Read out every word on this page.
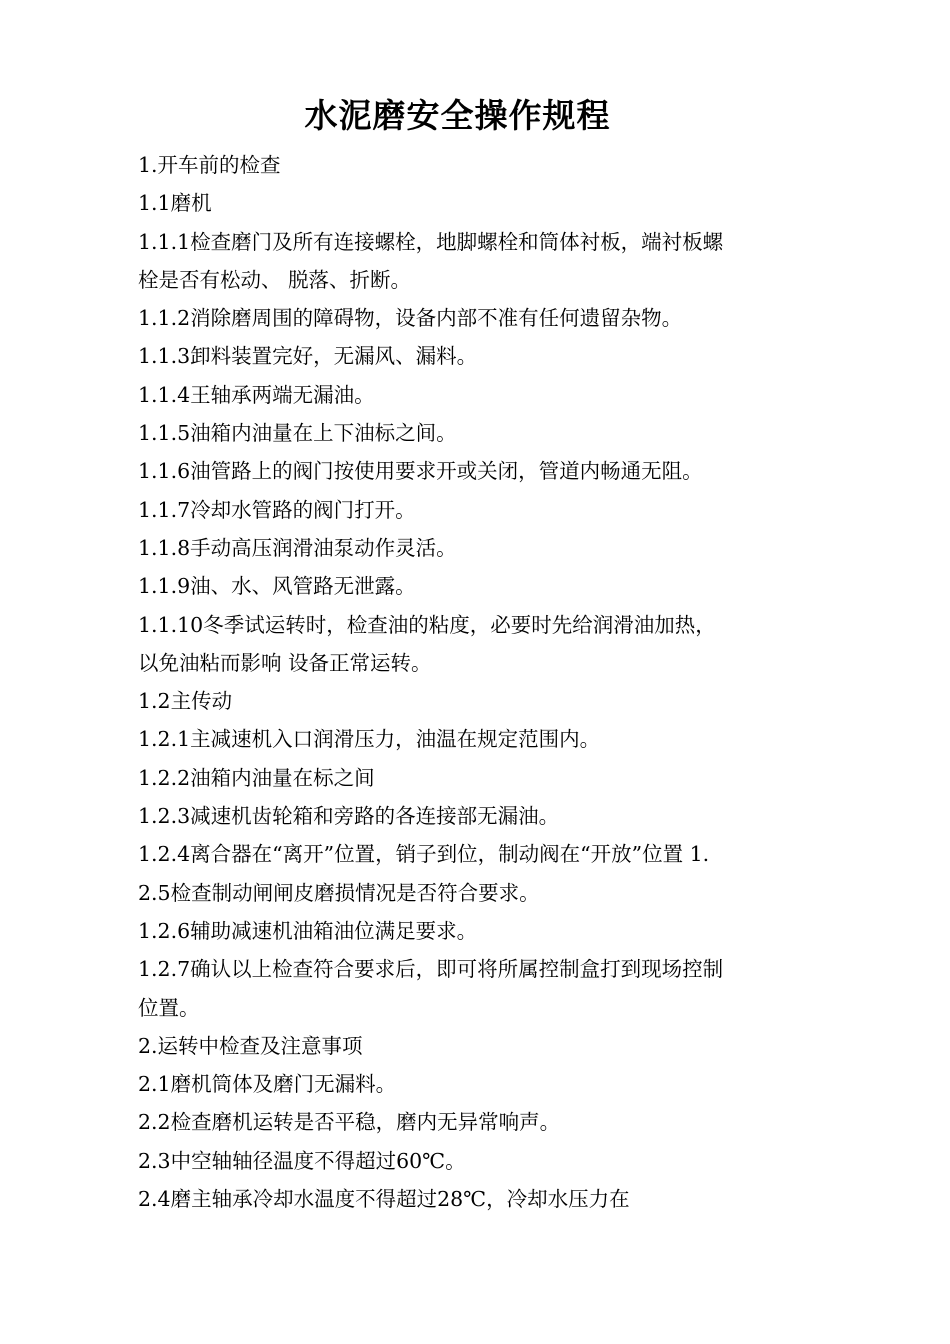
水泥磨安全操作规程

1.开车前的检查

1.1磨机

1.1.1检查磨门及所有连接螺栓，地脚螺栓和筒体衬板，端衬板螺栓是否有松动、 脱落、折断。

1.1.2消除磨周围的障碍物，设备内部不准有任何遗留杂物。

1.1.3卸料装置完好，无漏风、漏料。

1.1.4王轴承两端无漏油。

1.1.5油箱内油量在上下油标之间。

1.1.6油管路上的阀门按使用要求开或关闭，管道内畅通无阻。

1.1.7冷却水管路的阀门打开。

1.1.8手动高压润滑油泵动作灵活。

1.1.9油、水、风管路无泄露。

1.1.10冬季试运转时，检查油的粘度，必要时先给润滑油加热，以免油粘而影响 设备正常运转。

1.2主传动

1.2.1主减速机入口润滑压力，油温在规定范围内。

1.2.2油箱内油量在标之间

1.2.3减速机齿轮箱和旁路的各连接部无漏油。

1.2.4离合器在“离开”位置，销子到位，制动阀在“开放”位置 1.2.5检查制动闸闸皮磨损情况是否符合要求。

1.2.6辅助减速机油箱油位满足要求。

1.2.7确认以上检查符合要求后，即可将所属控制盒打到现场控制位置。

2.运转中检查及注意事项

2.1磨机筒体及磨门无漏料。

2.2检查磨机运转是否平稳，磨内无异常响声。

2.3中空轴轴径温度不得超过60℃。

2.4磨主轴承冷却水温度不得超过28℃，冷却水压力在
